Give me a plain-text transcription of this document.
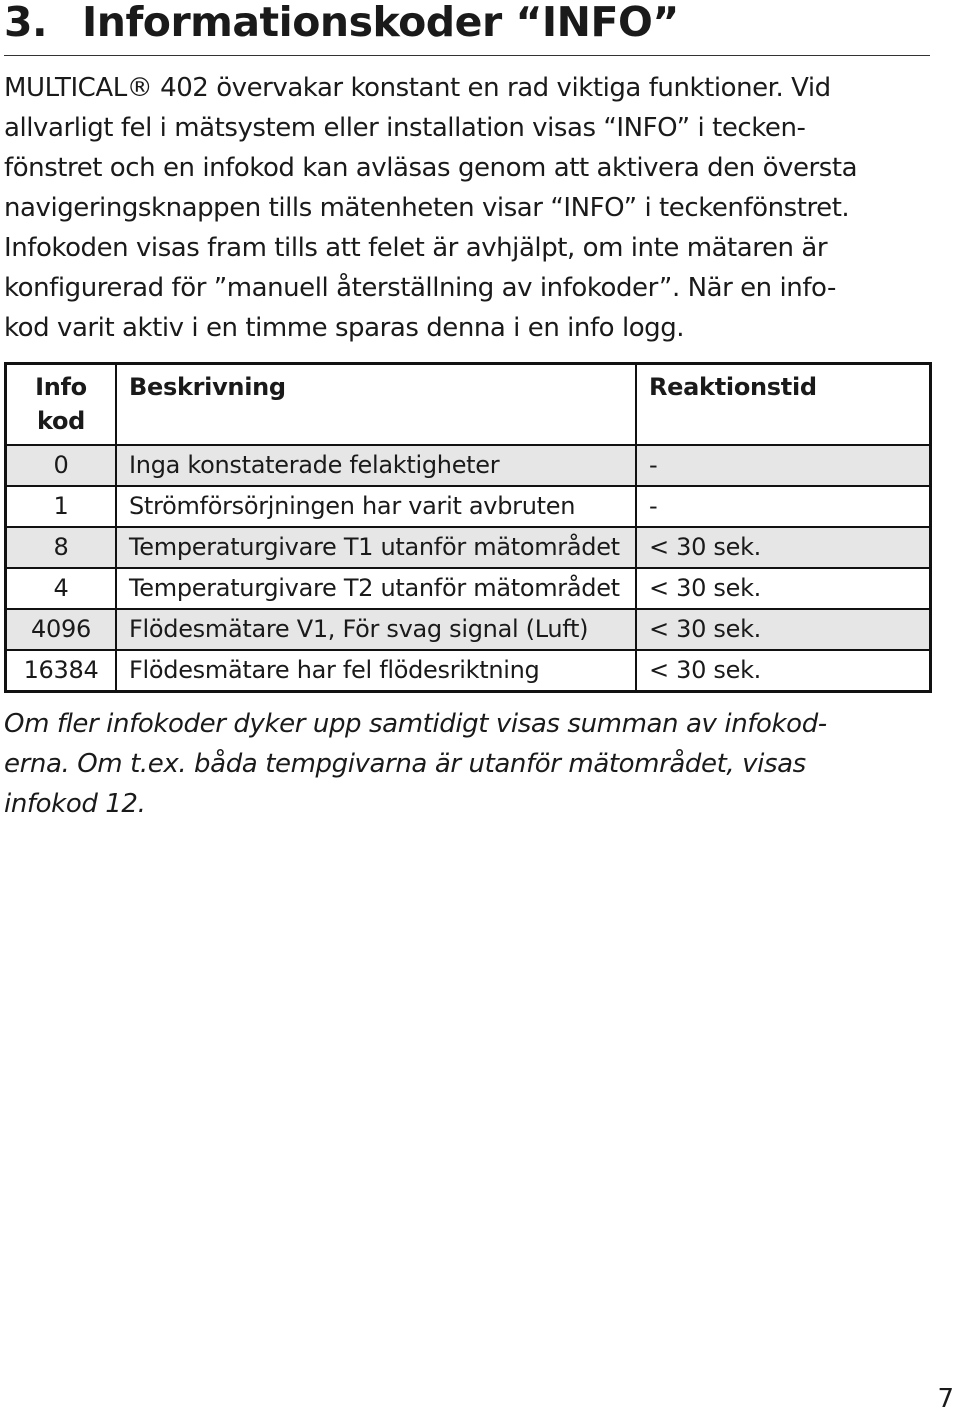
3. Informationskoder “INFO”

MULTICAL® 402 övervakar konstant en rad viktiga funktioner. Vid
allvarligt fel i mätsystem eller installation visas “INFO” i tecken-
fönstret och en infokod kan avläsas genom att aktivera den översta
navigeringsknappen tills mätenheten visar “INFO” i teckenfönstret.
Infokoden visas fram tills att felet är avhjälpt, om inte mätaren är
konfigurerad för ”manuell återställning av infokoder”. När en info-
kod varit aktiv i en timme sparas denna i en info logg.

Info
kod	Beskrivning	Reaktionstid
0	Inga konstaterade felaktigheter	-
1	Strömförsörjningen har varit avbruten	-
8	Temperaturgivare T1 utanför mätområdet	< 30 sek.
4	Temperaturgivare T2 utanför mätområdet	< 30 sek.
4096	Flödesmätare V1, För svag signal (Luft)	< 30 sek.
16384	Flödesmätare har fel flödesriktning	< 30 sek.

Om fler infokoder dyker upp samtidigt visas summan av infokod-
erna. Om t.ex. båda tempgivarna är utanför mätområdet, visas
infokod 12.

7
